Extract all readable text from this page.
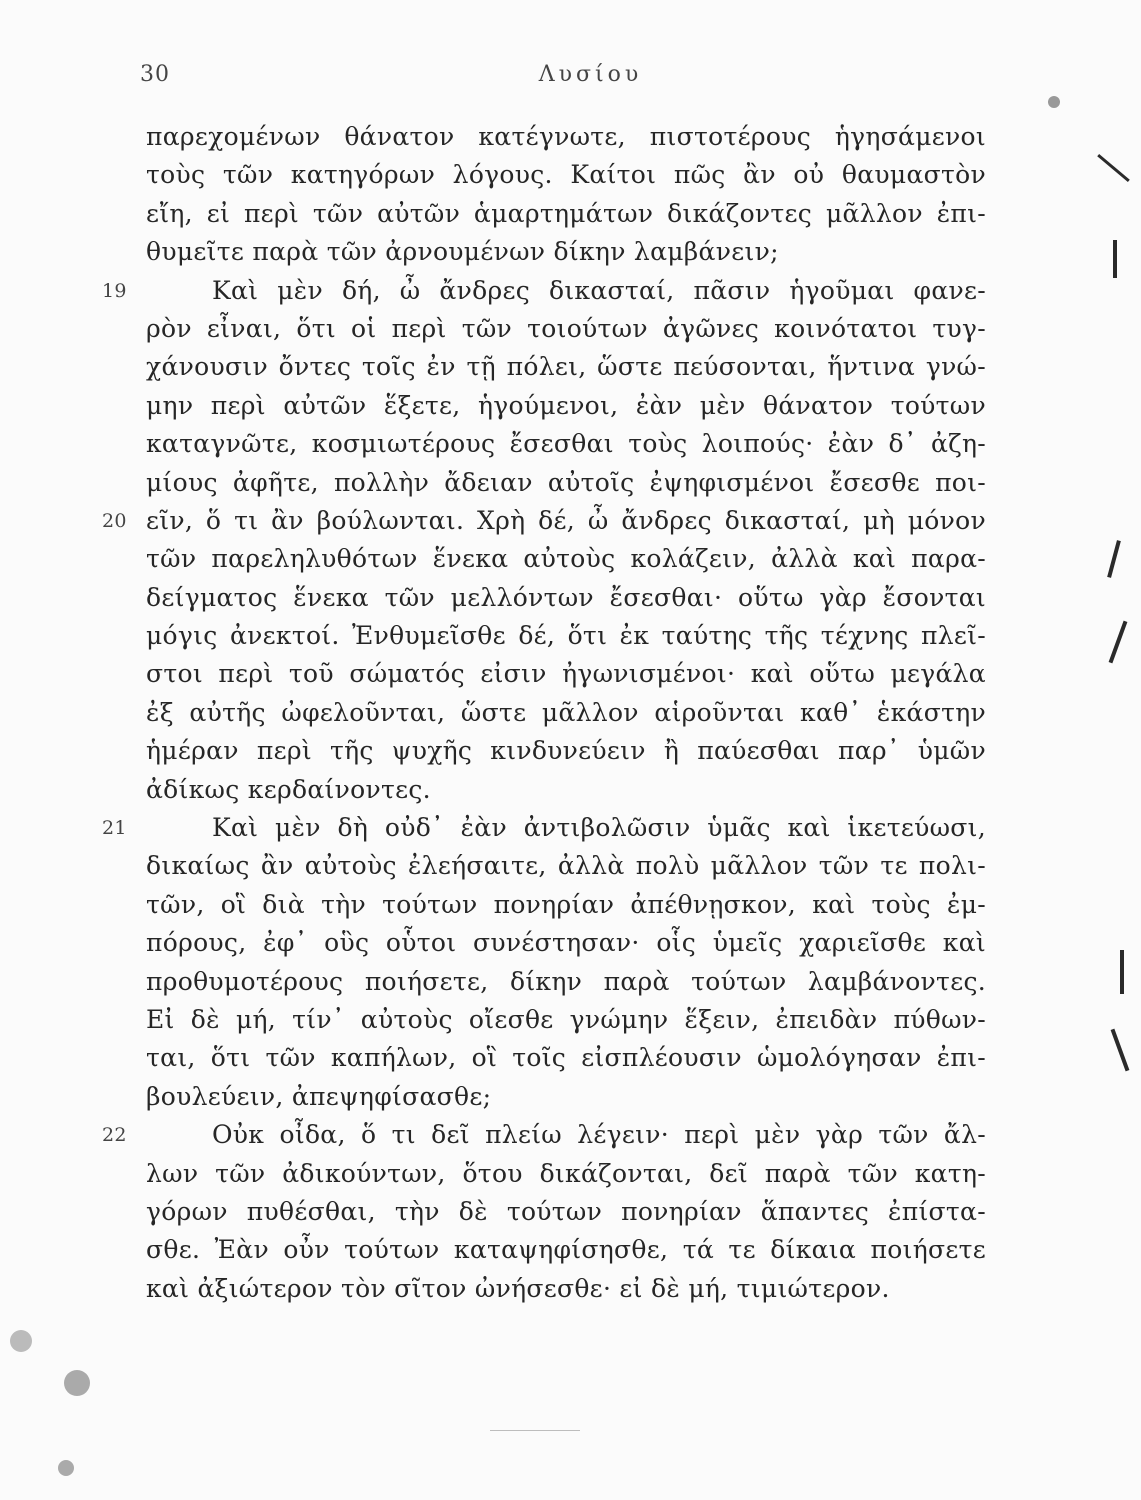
30	Λυσίου
παρεχομένων θάνατον κατέγνωτε, πιστοτέρους ἡγησάμενοι
τοὺς τῶν κατηγόρων λόγους. Καίτοι πῶς ἂν οὐ θαυμαστὸν
εἴη, εἰ περὶ τῶν αὐτῶν ἁμαρτημάτων δικάζοντες μᾶλλον ἐπι-
θυμεῖτε παρὰ τῶν ἀρνουμένων δίκην λαμβάνειν;
19	Καὶ μὲν δή, ὦ ἄνδρες δικασταί, πᾶσιν ἡγοῦμαι φανε-
ρὸν εἶναι, ὅτι οἱ περὶ τῶν τοιούτων ἀγῶνες κοινότατοι τυγ-
χάνουσιν ὄντες τοῖς ἐν τῇ πόλει, ὥστε πεύσονται, ἥντινα γνώ-
μην περὶ αὐτῶν ἕξετε, ἡγούμενοι, ἐὰν μὲν θάνατον τούτων
καταγνῶτε, κοσμιωτέρους ἔσεσθαι τοὺς λοιπούς· ἐὰν δ᾽ ἀζη-
μίους ἀφῆτε, πολλὴν ἄδειαν αὐτοῖς ἐψηφισμένοι ἔσεσθε ποι-
20 εῖν, ὅ τι ἂν βούλωνται. Χρὴ δέ, ὦ ἄνδρες δικασταί, μὴ μόνον
τῶν παρεληλυθότων ἕνεκα αὐτοὺς κολάζειν, ἀλλὰ καὶ παρα-
δείγματος ἕνεκα τῶν μελλόντων ἔσεσθαι· οὕτω γὰρ ἔσονται
μόγις ἀνεκτοί. Ἐνθυμεῖσθε δέ, ὅτι ἐκ ταύτης τῆς τέχνης πλεῖ-
στοι περὶ τοῦ σώματός εἰσιν ἠγωνισμένοι· καὶ οὕτω μεγάλα
ἐξ αὐτῆς ὠφελοῦνται, ὥστε μᾶλλον αἱροῦνται καθ᾽ ἑκάστην
ἡμέραν περὶ τῆς ψυχῆς κινδυνεύειν ἢ παύεσθαι παρ᾽ ὑμῶν
ἀδίκως κερδαίνοντες.
21	Καὶ μὲν δὴ οὐδ᾽ ἐὰν ἀντιβολῶσιν ὑμᾶς καὶ ἱκετεύωσι,
δικαίως ἂν αὐτοὺς ἐλεήσαιτε, ἀλλὰ πολὺ μᾶλλον τῶν τε πολι-
τῶν, οἳ διὰ τὴν τούτων πονηρίαν ἀπέθνῃσκον, καὶ τοὺς ἐμ-
πόρους, ἐφ᾽ οὓς οὗτοι συνέστησαν· οἷς ὑμεῖς χαριεῖσθε καὶ
προθυμοτέρους ποιήσετε, δίκην παρὰ τούτων λαμβάνοντες.
Εἰ δὲ μή, τίν᾽ αὐτοὺς οἴεσθε γνώμην ἕξειν, ἐπειδὰν πύθων-
ται, ὅτι τῶν καπήλων, οἳ τοῖς εἰσπλέουσιν ὡμολόγησαν ἐπι-
βουλεύειν, ἀπεψηφίσασθε;
22	Οὐκ οἶδα, ὅ τι δεῖ πλείω λέγειν· περὶ μὲν γὰρ τῶν ἄλ-
λων τῶν ἀδικούντων, ὅτου δικάζονται, δεῖ παρὰ τῶν κατη-
γόρων πυθέσθαι, τὴν δὲ τούτων πονηρίαν ἅπαντες ἐπίστα-
σθε. Ἐὰν οὖν τούτων καταψηφίσησθε, τά τε δίκαια ποιήσετε
καὶ ἀξιώτερον τὸν σῖτον ὠνήσεσθε· εἰ δὲ μή, τιμιώτερον.
